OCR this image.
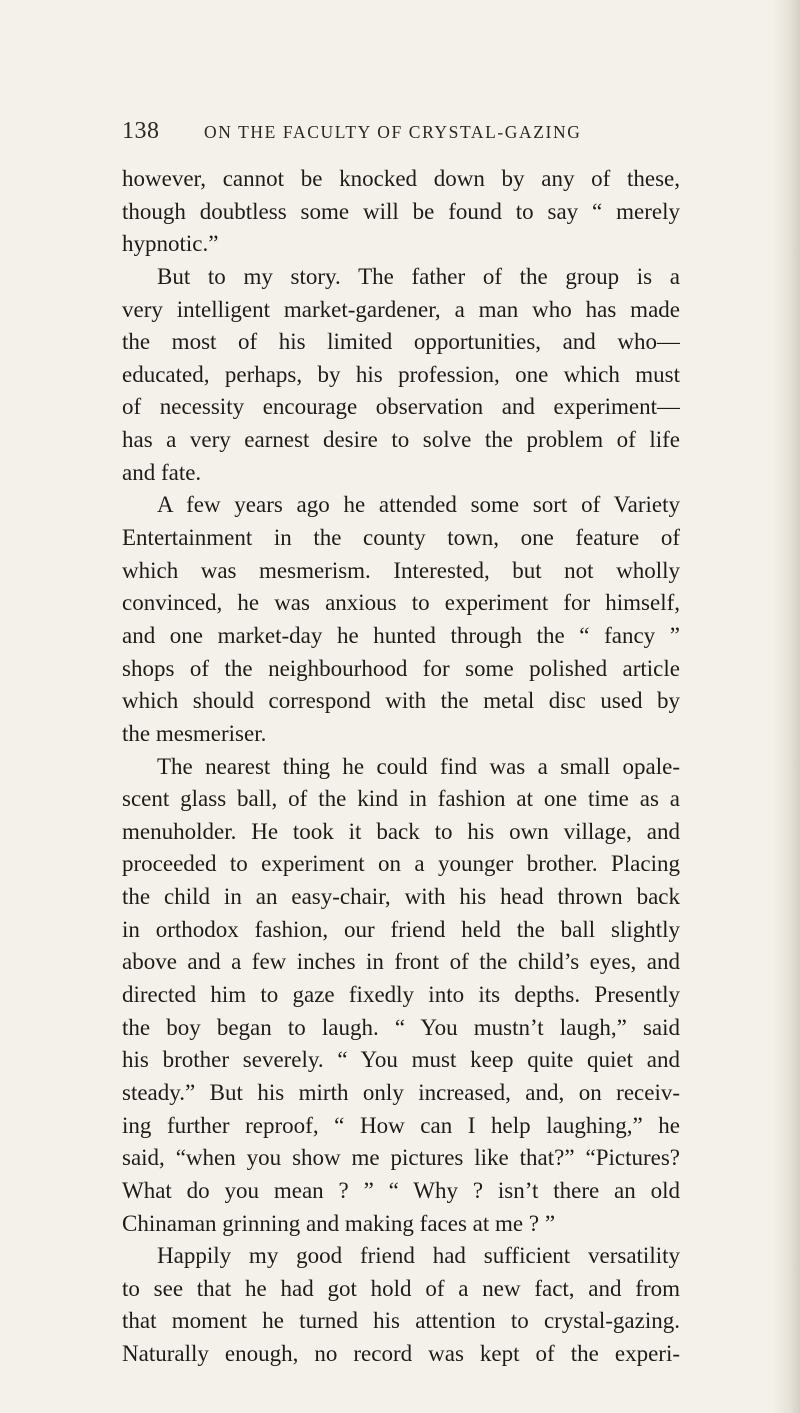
138	ON THE FACULTY OF CRYSTAL-GAZING
however, cannot be knocked down by any of these,
though doubtless some will be found to say “ merely
hypnotic.”
But to my story. The father of the group is a
very intelligent market-gardener, a man who has made
the most of his limited opportunities, and who—
educated, perhaps, by his profession, one which must
of necessity encourage observation and experiment—
has a very earnest desire to solve the problem of life
and fate.
A few years ago he attended some sort of Variety
Entertainment in the county town, one feature of
which was mesmerism. Interested, but not wholly
convinced, he was anxious to experiment for himself,
and one market-day he hunted through the “ fancy ”
shops of the neighbourhood for some polished article
which should correspond with the metal disc used by
the mesmeriser.
The nearest thing he could find was a small opale-
scent glass ball, of the kind in fashion at one time as a
menuholder. He took it back to his own village, and
proceeded to experiment on a younger brother. Placing
the child in an easy-chair, with his head thrown back
in orthodox fashion, our friend held the ball slightly
above and a few inches in front of the child’s eyes, and
directed him to gaze fixedly into its depths. Presently
the boy began to laugh. “ You mustn’t laugh,” said
his brother severely. “ You must keep quite quiet and
steady.” But his mirth only increased, and, on receiv-
ing further reproof, “ How can I help laughing,” he
said, “when you show me pictures like that?” “Pictures?
What do you mean ? ” “ Why ? isn’t there an old
Chinaman grinning and making faces at me ? ”
Happily my good friend had sufficient versatility
to see that he had got hold of a new fact, and from
that moment he turned his attention to crystal-gazing.
Naturally enough, no record was kept of the experi-
